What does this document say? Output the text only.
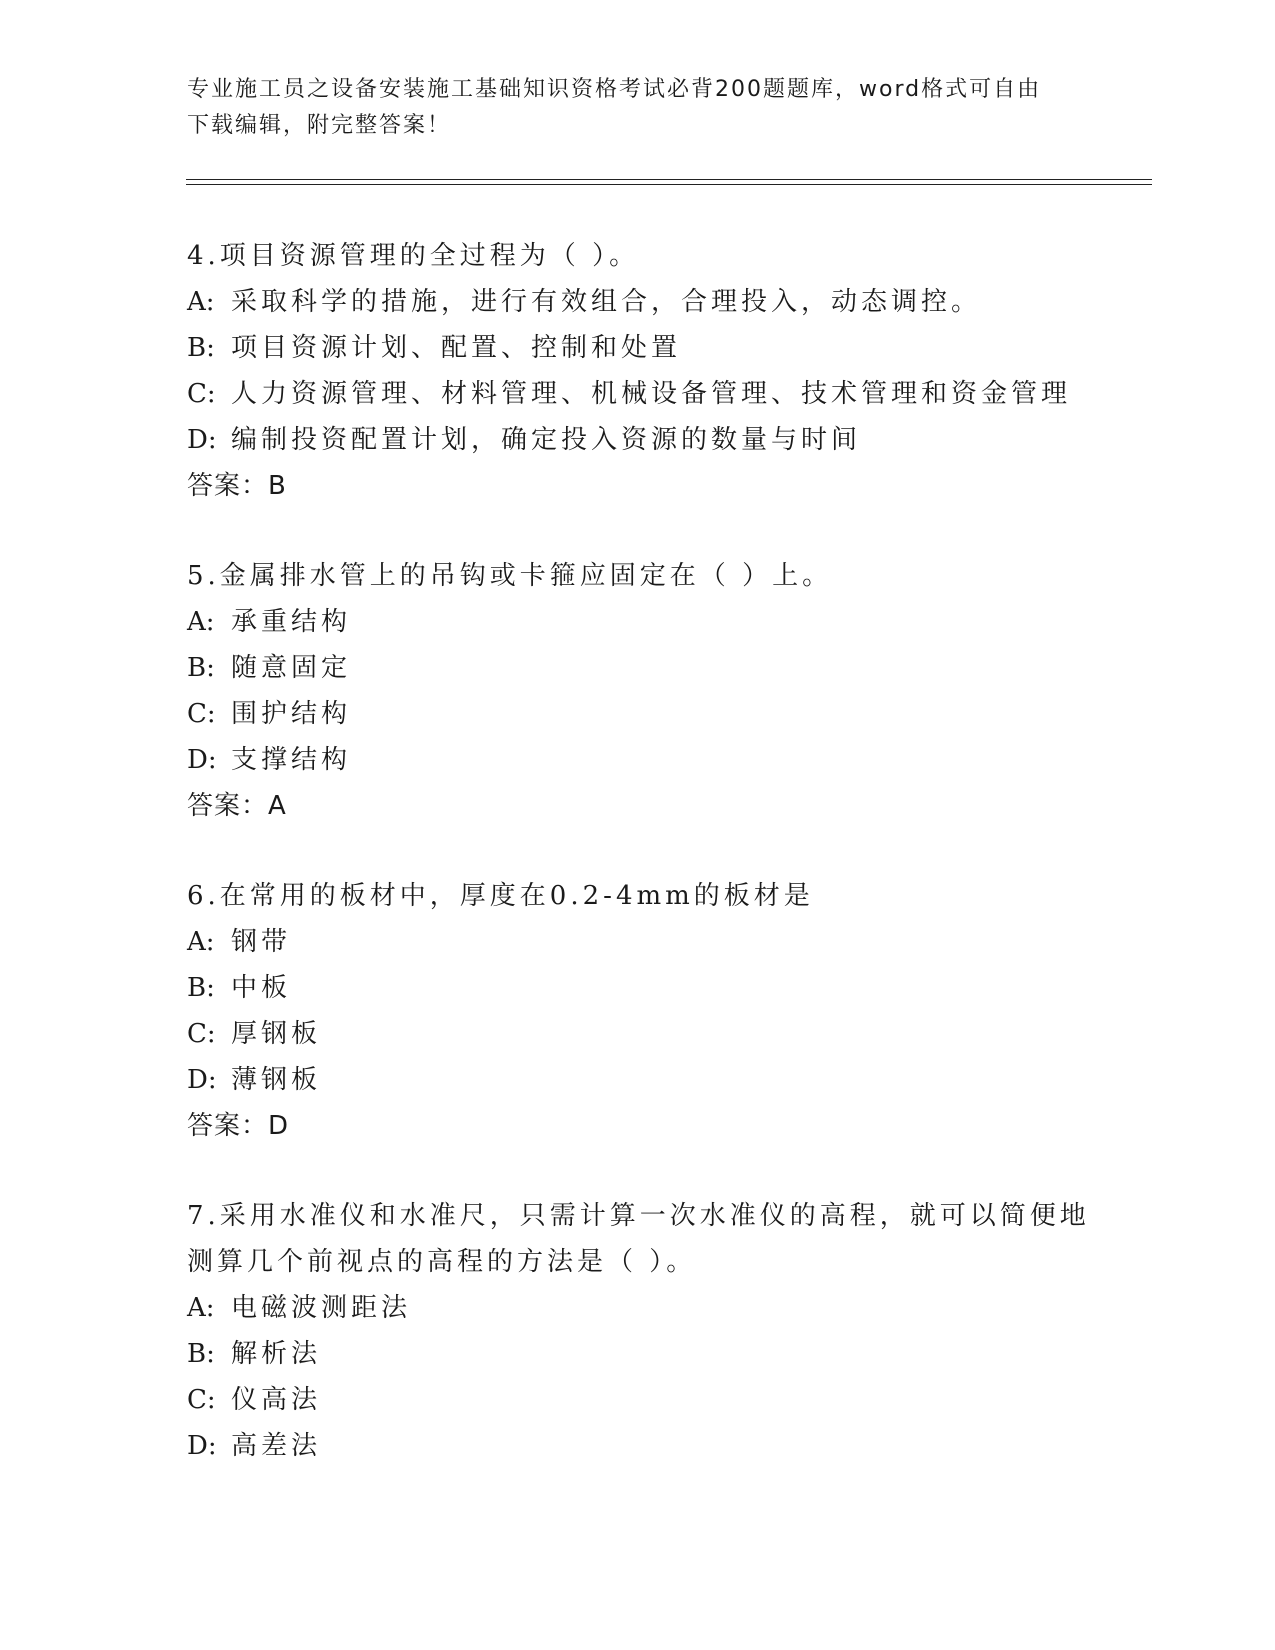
专业施工员之设备安装施工基础知识资格考试必背200题题库，word格式可自由
下载编辑，附完整答案！
4.项目资源管理的全过程为（ ）。
A: 采取科学的措施，进行有效组合，合理投入，动态调控。
B: 项目资源计划、配置、控制和处置
C: 人力资源管理、材料管理、机械设备管理、技术管理和资金管理
D: 编制投资配置计划，确定投入资源的数量与时间
答案：B
5.金属排水管上的吊钩或卡箍应固定在（ ）上。
A: 承重结构
B: 随意固定
C: 围护结构
D: 支撑结构
答案：A
6.在常用的板材中，厚度在0.2-4mm的板材是
A: 钢带
B: 中板
C: 厚钢板
D: 薄钢板
答案：D
7.采用水准仪和水准尺，只需计算一次水准仪的高程，就可以简便地
测算几个前视点的高程的方法是（ ）。
A: 电磁波测距法
B: 解析法
C: 仪高法
D: 高差法
